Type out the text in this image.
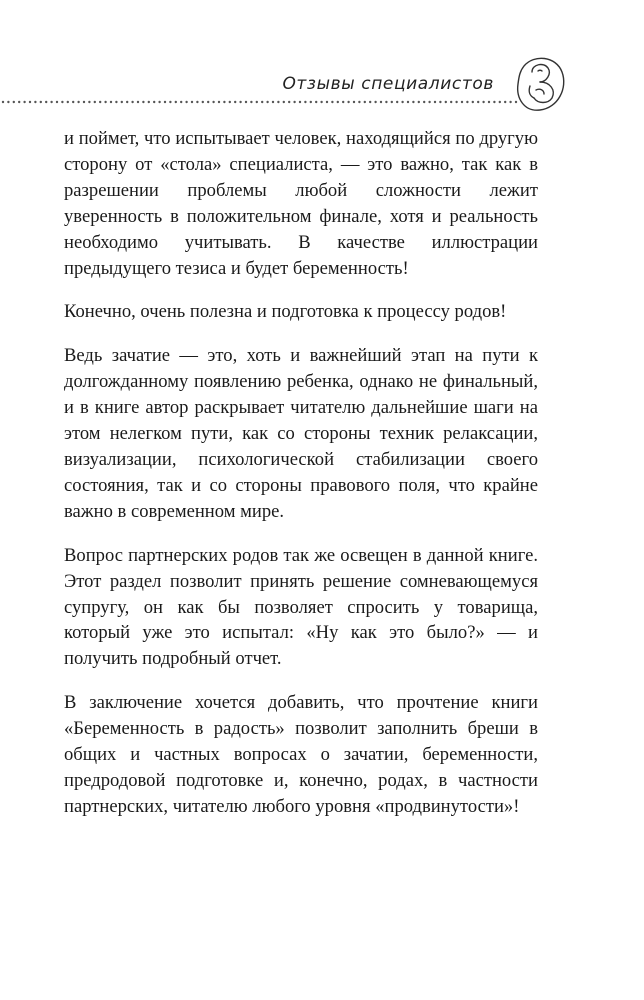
Отзывы специалистов

и поймет, что испытывает человек, находящийся по другую сторону от «стола» специалиста, — это важно, так как в разрешении проблемы любой сложности лежит уверенность в положительном финале, хотя и реальность необходимо учитывать. В качестве иллюстрации предыдущего тезиса и будет беременность!

Конечно, очень полезна и подготовка к процессу родов!

Ведь зачатие — это, хоть и важнейший этап на пути к долгожданному появлению ребенка, однако не финальный, и в книге автор раскрывает читателю дальнейшие шаги на этом нелегком пути, как со стороны техник релаксации, визуализации, психологической стабилизации своего состояния, так и со стороны правового поля, что крайне важно в современном мире.

Вопрос партнерских родов так же освещен в данной книге. Этот раздел позволит принять решение сомневающемуся супругу, он как бы позволяет спросить у товарища, который уже это испытал: «Ну как это было?» — и получить подробный отчет.

В заключение хочется добавить, что прочтение книги «Беременность в радость» позволит заполнить бреши в общих и частных вопросах о зачатии, беременности, предродовой подготовке и, конечно, родах, в частности партнерских, читателю любого уровня «продвинутости»!
